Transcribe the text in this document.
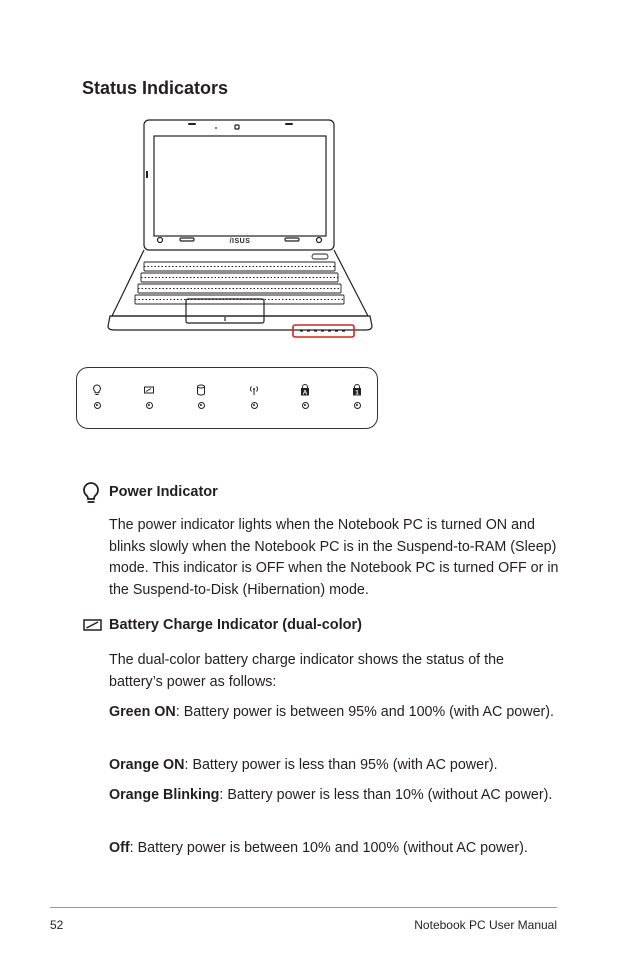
Status Indicators
/ISUS
A	1
Power Indicator

The power indicator lights when the Notebook PC is turned ON and blinks slowly when the Notebook PC is in the Suspend-to-RAM (Sleep) mode. This indicator is OFF when the Notebook PC is turned OFF or in the Suspend-to-Disk (Hibernation) mode.

Battery Charge Indicator (dual-color)

The dual-color battery charge indicator shows the status of the battery’s power as follows:

Green ON: Battery power is between 95% and 100% (with AC power).

Orange ON: Battery power is less than 95% (with AC power).

Orange Blinking: Battery power is less than 10% (without AC power).

Off: Battery power is between 10% and 100% (without AC power).

52	Notebook PC User Manual
